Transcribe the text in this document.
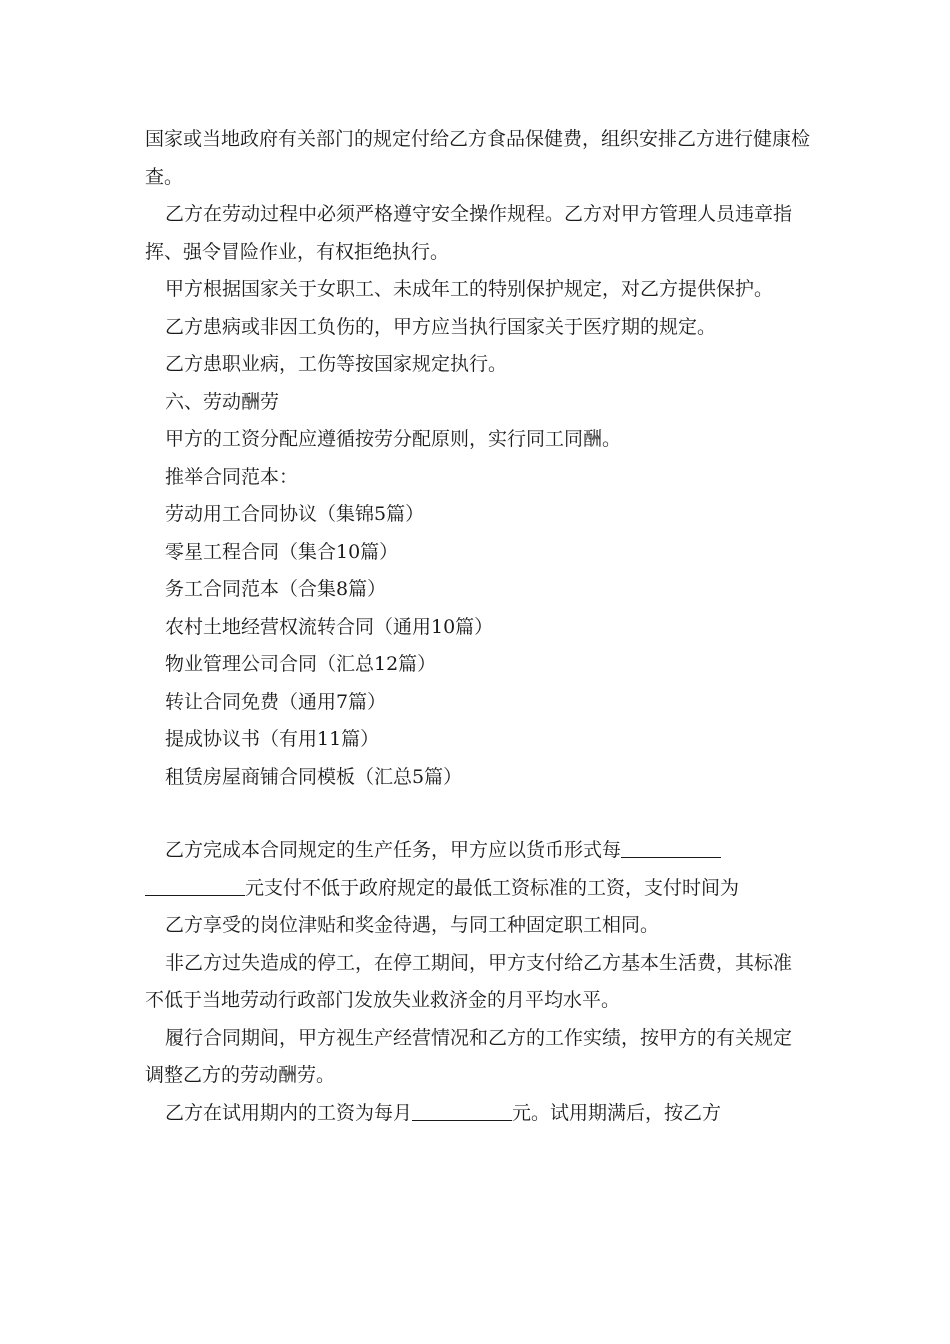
国家或当地政府有关部门的规定付给乙方食品保健费，组织安排乙方进行健康检查。

乙方在劳动过程中必须严格遵守安全操作规程。乙方对甲方管理人员违章指挥、强令冒险作业，有权拒绝执行。

甲方根据国家关于女职工、未成年工的特别保护规定，对乙方提供保护。

乙方患病或非因工负伤的，甲方应当执行国家关于医疗期的规定。

乙方患职业病，工伤等按国家规定执行。

六、劳动酬劳

甲方的工资分配应遵循按劳分配原则，实行同工同酬。

推举合同范本：

劳动用工合同协议（集锦5篇）

零星工程合同（集合10篇）

务工合同范本（合集8篇）

农村土地经营权流转合同（通用10篇）

物业管理公司合同（汇总12篇）

转让合同免费（通用7篇）

提成协议书（有用11篇）

租赁房屋商铺合同模板（汇总5篇）

乙方完成本合同规定的生产任务，甲方应以货币形式每元支付不低于政府规定的最低工资标准的工资，支付时间为

乙方享受的岗位津贴和奖金待遇，与同工种固定职工相同。

非乙方过失造成的停工，在停工期间，甲方支付给乙方基本生活费，其标准不低于当地劳动行政部门发放失业救济金的月平均水平。

履行合同期间，甲方视生产经营情况和乙方的工作实绩，按甲方的有关规定调整乙方的劳动酬劳。

乙方在试用期内的工资为每月	元。试用期满后，按乙方
